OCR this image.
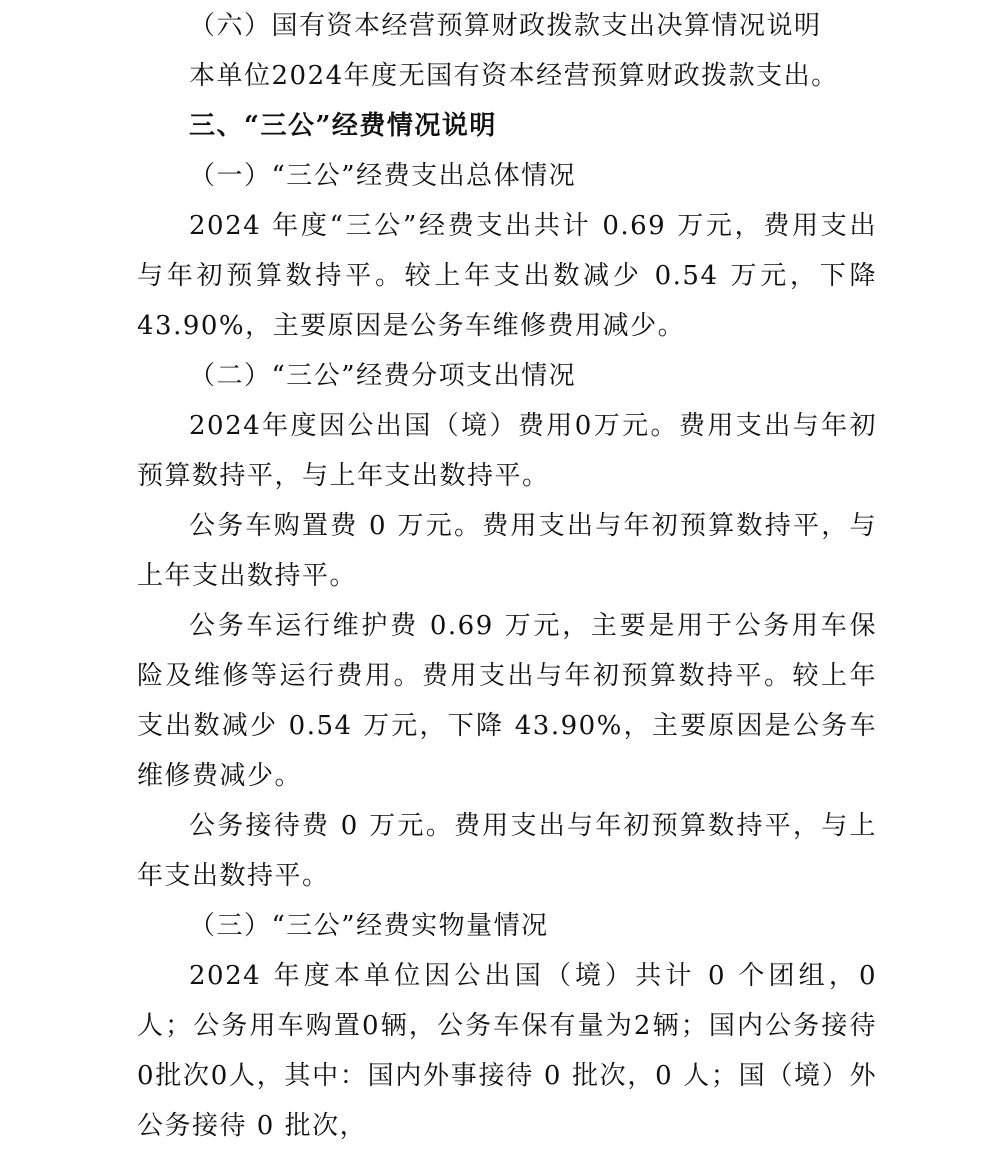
（六）国有资本经营预算财政拨款支出决算情况说明

本单位2024年度无国有资本经营预算财政拨款支出。

三、“三公”经费情况说明

（一）“三公”经费支出总体情况

2024 年度“三公”经费支出共计 0.69 万元，费用支出与年初预算数持平。较上年支出数减少 0.54 万元，下降 43.90%，主要原因是公务车维修费用减少。

（二）“三公”经费分项支出情况

2024年度因公出国（境）费用0万元。费用支出与年初预算数持平，与上年支出数持平。

公务车购置费 0 万元。费用支出与年初预算数持平，与上年支出数持平。

公务车运行维护费 0.69 万元，主要是用于公务用车保险及维修等运行费用。费用支出与年初预算数持平。较上年支出数减少 0.54 万元，下降 43.90%，主要原因是公务车维修费减少。

公务接待费 0 万元。费用支出与年初预算数持平，与上年支出数持平。

（三）“三公”经费实物量情况

2024 年度本单位因公出国（境）共计 0 个团组，0 人；公务用车购置0辆，公务车保有量为2辆；国内公务接待0批次0人，其中：国内外事接待 0 批次，0 人；国（境）外公务接待 0 批次，
